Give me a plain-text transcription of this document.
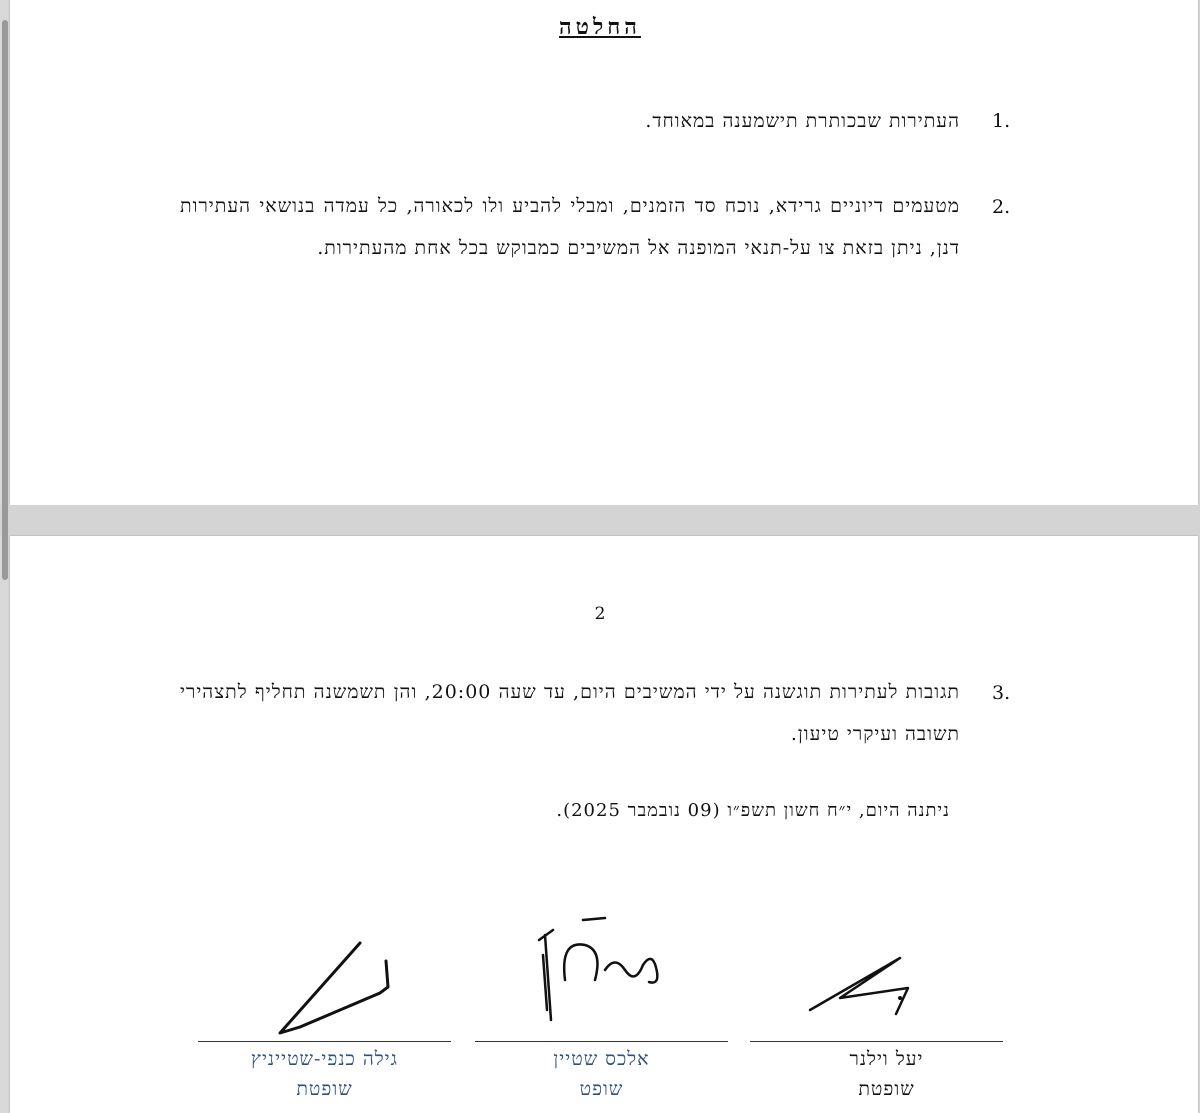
החלטה
1.
העתירות שבכותרת תישמענה במאוחד.
2.
מטעמים דיוניים גרידא, נוכח סד הזמנים, ומבלי להביע ולו לכאורה, כל עמדה בנושאי העתירות דנן, ניתן בזאת צו על-תנאי המופנה אל המשיבים כמבוקש בכל אחת מהעתירות.
2
3.
תגובות לעתירות תוגשנה על ידי המשיבים היום, עד שעה 20:00, והן תשמשנה תחליף לתצהירי תשובה ועיקרי טיעון.
ניתנה היום, י״ח חשון תשפ״ו (09 נובמבר 2025).
יעל וילנר
שופטת
אלכס שטיין
שופט
גילה כנפי-שטייניץ
שופטת
